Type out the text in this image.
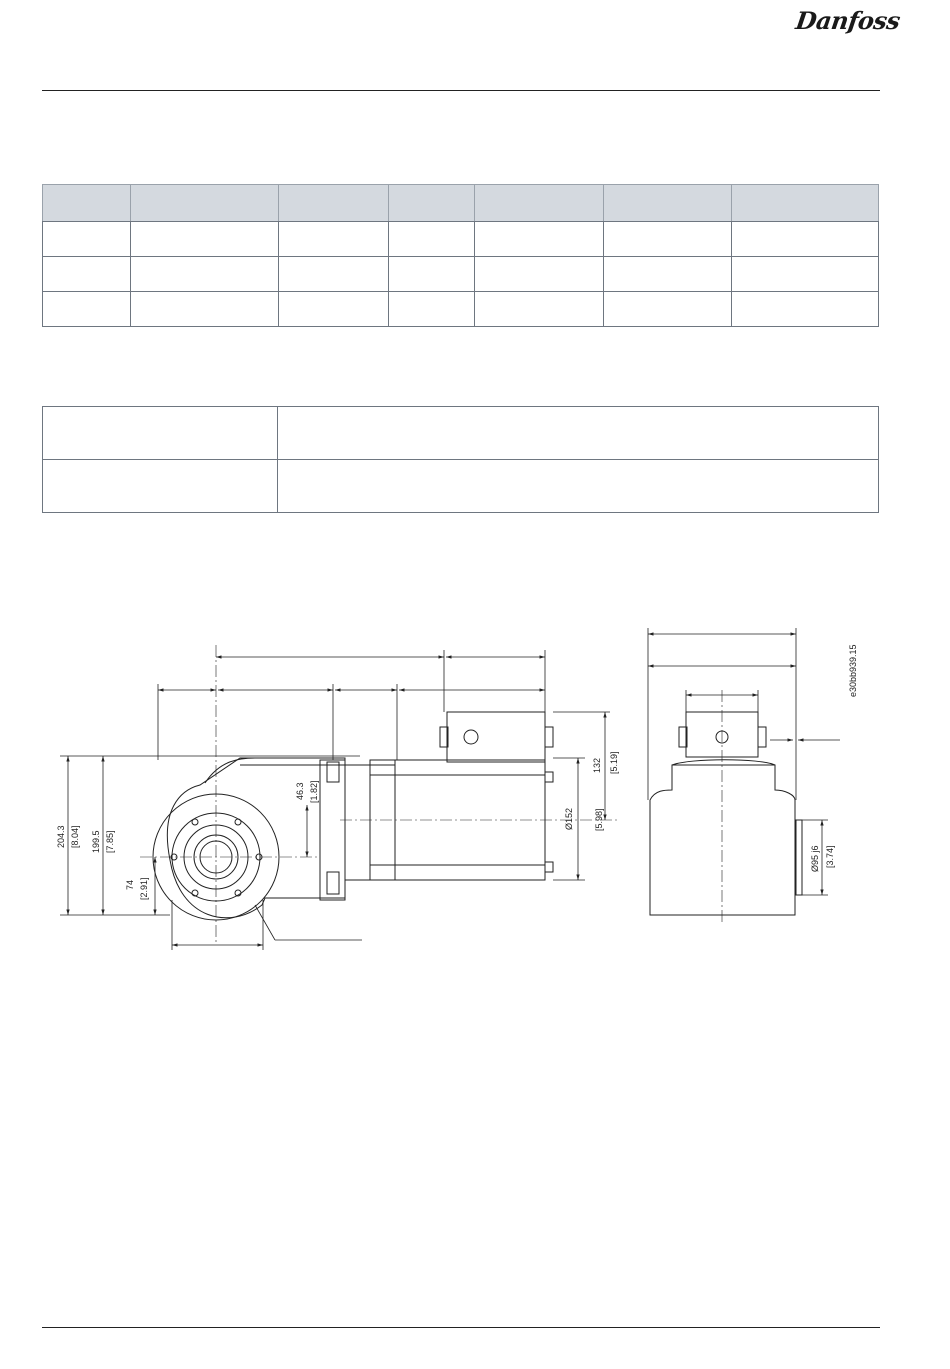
Danfoss

204.3 [8.04] 199.5 [7.85]
74 [2.91]
46.3 [1.82]
Ø152 [5.98]
132 [5.19]
Ø95 j6 [3.74]
e30bb939.15
